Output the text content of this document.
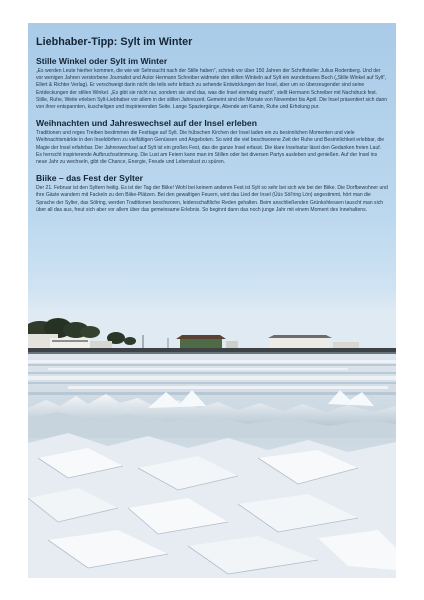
Liebhaber-Tipp: Sylt im Winter
Stille Winkel oder Sylt im Winter

„Es werden Leute hierher kommen, die wie wir Sehnsucht nach der Stille haben“, schrieb vor über 150 Jahren der Schriftsteller Julius Rodenberg. Und der vor wenigen Jahren verstorbene Journalist und Autor Hermann Schreiber widmete den stillen Winkeln auf Sylt ein wunderbares Buch („Stille Winkel auf Sylt“, Ellert & Richter Verlag). Er verschweigt darin nicht die teils sehr kritisch zu sehende Entwicklungen der Insel, aber um so überzeugender sind seine Entdeckungen der stillen Winkel. „Es gibt sie nicht nur, sondern sie sind das, was die Insel einmalig macht“, stellt Hermann Schreiber mit Nachdruck fest. Stille, Ruhe, Weite erleben Sylt-Liebhaber vor allem in der stillen Jahreszeit. Gemeint sind die Monate von November bis April. Die Insel präsentiert sich dann von ihrer entspannten, kuscheligen und inspirierenden Seite. Lange Spaziergänge, Abende am Kamin, Ruhe und Erholung pur.

Weihnachten und Jahreswechsel auf der Insel erleben

Traditionen und reges Treiben bestimmen die Festtage auf Sylt. Die hübschen Kirchen der Insel laden ein zu besinnlichen Momenten und viele Weihnachtsmärkte in den Inseldörfern zu vielfältigen Genüssen und Angeboten. So wird die viel beschworene Zeit der Ruhe und Besinnlichkeit erlebbar, die Magie der Insel erfahrbar. Der Jahreswechsel auf Sylt ist ein großes Fest, das die ganze Insel erfasst. Die klare Inselnatur lässt den Gedanken freien Lauf. Es herrscht inspirierende Aufbruchsstimmung. Die Lust am Feiern kann man im Stillen oder bei diversen Partys ausleben und genießen. Auf der Insel ins neue Jahr zu wechseln, gibt die Chance, Energie, Freude und Lebenslust zu spüren.

Biike – das Fest der Sylter

Der 21. Februar ist den Syltern heilig. Es ist der Tag der Biike! Wohl bei keinem anderen Fest ist Sylt so sehr bei sich wie bei der Biike. Die Dorfbewohner und ihre Gäste wandern mit Fackeln zu den Biike-Plätzen. Bei den gewaltigen Feuern, wird das Lied der Insel (Üüs Söl'ring Lön) angestimmt, hört man die Sprache der Sylter, das Sölring, werden Traditionen beschworen, leidenschaftliche Reden gehalten. Beim anschließenden Grünkohlessen tauscht man sich über all das aus, freut sich aber vor allem über das gemeinsame Erlebnis. So beginnt dann das noch junge Jahr mit einem Moment des Innehaltens.
